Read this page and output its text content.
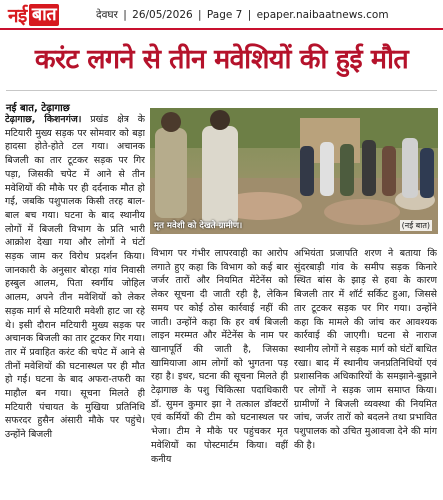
नई बात	देवघर | 26/05/2026 | Page 7 | epaper.naibaatnews.com
करंट लगने से तीन मवेशियों की हुई मौत
नई बात, टेढ़ागाछ

टेढ़ागाछ, किशनगंज। प्रखंड क्षेत्र के मटियारी मुख्य सड़क पर सोमवार को बड़ा हादसा होते-होते टल गया। अचानक बिजली का तार टूटकर सड़क पर गिर पड़ा, जिसकी चपेट में आने से तीन मवेशियों की मौके पर ही दर्दनाक मौत हो गई, जबकि पशुपालक किसी तरह बाल-बाल बच गया। घटना के बाद स्थानीय लोगों में बिजली विभाग के प्रति भारी आक्रोश देखा गया और लोगों ने घंटों सड़क जाम कर विरोध प्रदर्शन किया। जानकारी के अनुसार बोरहा गांव निवासी हस्बुल आलम, पिता स्वर्गीय जोहिल आलम, अपने तीन मवेशियों को लेकर सड़क मार्ग से मटियारी मवेशी हाट जा रहे थे। इसी दौरान मटियारी मुख्य सड़क पर अचानक बिजली का तार टूटकर गिर गया। तार में प्रवाहित करंट की चपेट में आने से तीनों मवेशियों की घटनास्थल पर ही मौत हो गई। घटना के बाद अफरा-तफरी का माहौल बन गया। सूचना मिलते ही मटियारी पंचायत के मुखिया प्रतिनिधि सफरदर हुसैन अंसारी मौके पर पहुंचे। उन्होंने बिजली

मृत मवेशी को देखते ग्रामीण।	(नई बात)

विभाग पर गंभीर लापरवाही का आरोप लगाते हुए कहा कि विभाग को कई बार जर्जर तारों और नियमित मेंटेनेंस को लेकर सूचना दी जाती रही है, लेकिन समय पर कोई ठोस कार्रवाई नहीं की जाती। उन्होंने कहा कि हर वर्ष बिजली लाइन मरम्मत और मेंटेनेंस के नाम पर खानापूर्ति की जाती है, जिसका खामियाजा आम लोगों को भुगतना पड़ रहा है। इधर, घटना की सूचना मिलते ही टेढ़ागाछ के पशु चिकित्सा पदाधिकारी डॉ. सुमन कुमार झा ने तत्काल डॉक्टरों एवं कर्मियों की टीम को घटनास्थल पर भेजा। टीम ने मौके पर पहुंचकर मृत मवेशियों का पोस्टमार्टम किया। वहीं कनीय

अभियंता प्रजापति शरण ने बताया कि सुंदरबाड़ी गांव के समीप सड़क किनारे स्थित बांस के झाड़ से हवा के कारण बिजली तार में शॉर्ट सर्किट हुआ, जिससे तार टूटकर सड़क पर गिर गया। उन्होंने कहा कि मामले की जांच कर आवश्यक कार्रवाई की जाएगी। घटना से नाराज स्थानीय लोगों ने सड़क मार्ग को घंटों बाधित रखा। बाद में स्थानीय जनप्रतिनिधियों एवं प्रशासनिक अधिकारियों के समझाने-बुझाने पर लोगों ने सड़क जाम समाप्त किया। ग्रामीणों ने बिजली व्यवस्था की नियमित जांच, जर्जर तारों को बदलने तथा प्रभावित पशुपालक को उचित मुआवजा देने की मांग की है।
